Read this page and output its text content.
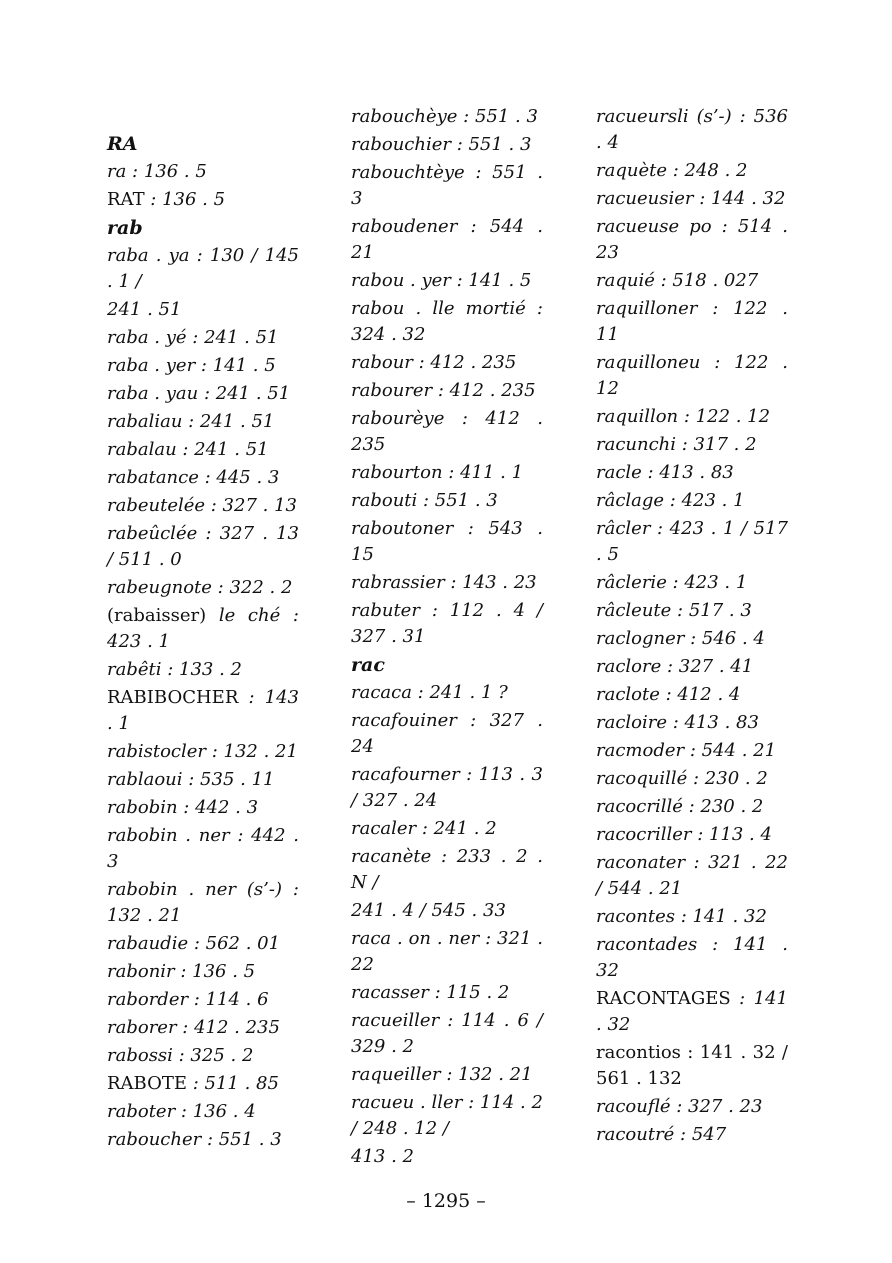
RA

ra : 136 . 5

RAT : 136 . 5

rab

raba . ya : 130 / 145 . 1 /

241 . 51

raba . yé : 241 . 51

raba . yer : 141 . 5

raba . yau : 241 . 51

rabaliau : 241 . 51

rabalau : 241 . 51

rabatance : 445 . 3

rabeutelée : 327 . 13

rabeûclée : 327 . 13 / 511 . 0

rabeugnote : 322 . 2

(rabaisser) le ché : 423 . 1

rabêti : 133 . 2

RABIBOCHER : 143 . 1

rabistocler : 132 . 21

rablaoui : 535 . 11

rabobin : 442 . 3

rabobin . ner : 442 . 3

rabobin . ner (s’-) : 132 . 21

rabaudie : 562 . 01

rabonir : 136 . 5

raborder : 114 . 6

raborer : 412 . 235

rabossi : 325 . 2

RABOTE : 511 . 85

raboter : 136 . 4

raboucher : 551 . 3

rabouchèye : 551 . 3

rabouchier : 551 . 3

rabouchtèye : 551 . 3

raboudener : 544 . 21

rabou . yer : 141 . 5

rabou . lle mortié : 324 . 32

rabour : 412 . 235

rabourer : 412 . 235

rabourèye : 412 . 235

rabourton : 411 . 1

rabouti : 551 . 3

raboutoner : 543 . 15

rabrassier : 143 . 23

rabuter : 112 . 4 / 327 . 31

rac

racaca : 241 . 1 ?

racafouiner : 327 . 24

racafourner : 113 . 3 / 327 . 24

racaler : 241 . 2

racanète : 233 . 2 . N /

241 . 4 / 545 . 33

raca . on . ner : 321 . 22

racasser : 115 . 2

racueiller : 114 . 6 / 329 . 2

raqueiller : 132 . 21

racueu . ller : 114 . 2 / 248 . 12 /

413 . 2

racueursli (s’-) : 536 . 4

raquète : 248 . 2

racueusier : 144 . 32

racueuse po : 514 . 23

raquié : 518 . 027

raquilloner : 122 . 11

raquilloneu : 122 . 12

raquillon : 122 . 12

racunchi : 317 . 2

racle : 413 . 83

râclage : 423 . 1

râcler : 423 . 1 / 517 . 5

râclerie : 423 . 1

râcleute : 517 . 3

raclogner : 546 . 4

raclore : 327 . 41

raclote : 412 . 4

racloire : 413 . 83

racmoder : 544 . 21

racoquillé : 230 . 2

racocrillé : 230 . 2

racocriller : 113 . 4

raconater : 321 . 22 / 544 . 21

racontes : 141 . 32

racontades : 141 . 32

RACONTAGES : 141 . 32

racontios : 141 . 32 / 561 . 132

racouflé : 327 . 23

racoutré : 547

– 1295 –
